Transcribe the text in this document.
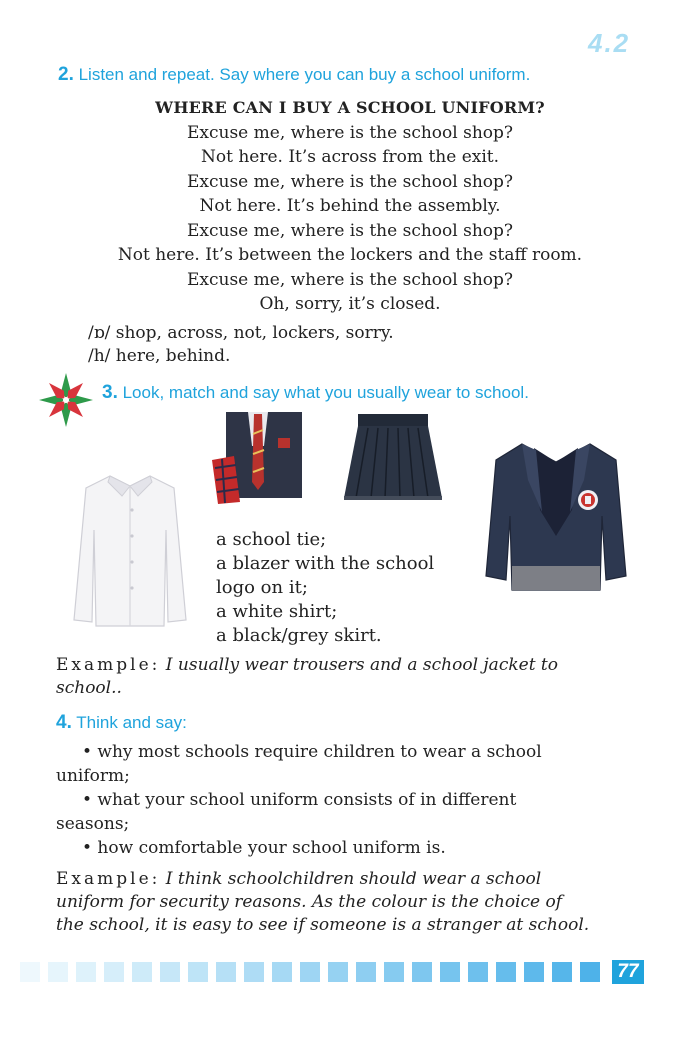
4.2
2. Listen and repeat. Say where you can buy a school uniform.
WHERE CAN I BUY A SCHOOL UNIFORM?
Excuse me, where is the school shop?
Not here. It’s across from the exit.
Excuse me, where is the school shop?
Not here. It’s behind the assembly.
Excuse me, where is the school shop?
Not here. It’s between the lockers and the staff room.
Excuse me, where is the school shop?
Oh, sorry, it’s closed.
/ɒ/ shop, across, not, lockers, sorry.
/h/ here, behind.
3. Look, match and say what you usually wear to school.
a school tie;
a blazer with the school
logo on it;
a white shirt;
a black/grey skirt.
Example: I usually wear trousers and a school jacket to
school..
4. Think and say:
• why most schools require children to wear a school
uniform;
• what your school uniform consists of in different
seasons;
• how comfortable your school uniform is.
Example: I think schoolchildren should wear a school
uniform for security reasons. As the colour is the choice of
the school, it is easy to see if someone is a stranger at school.
77
